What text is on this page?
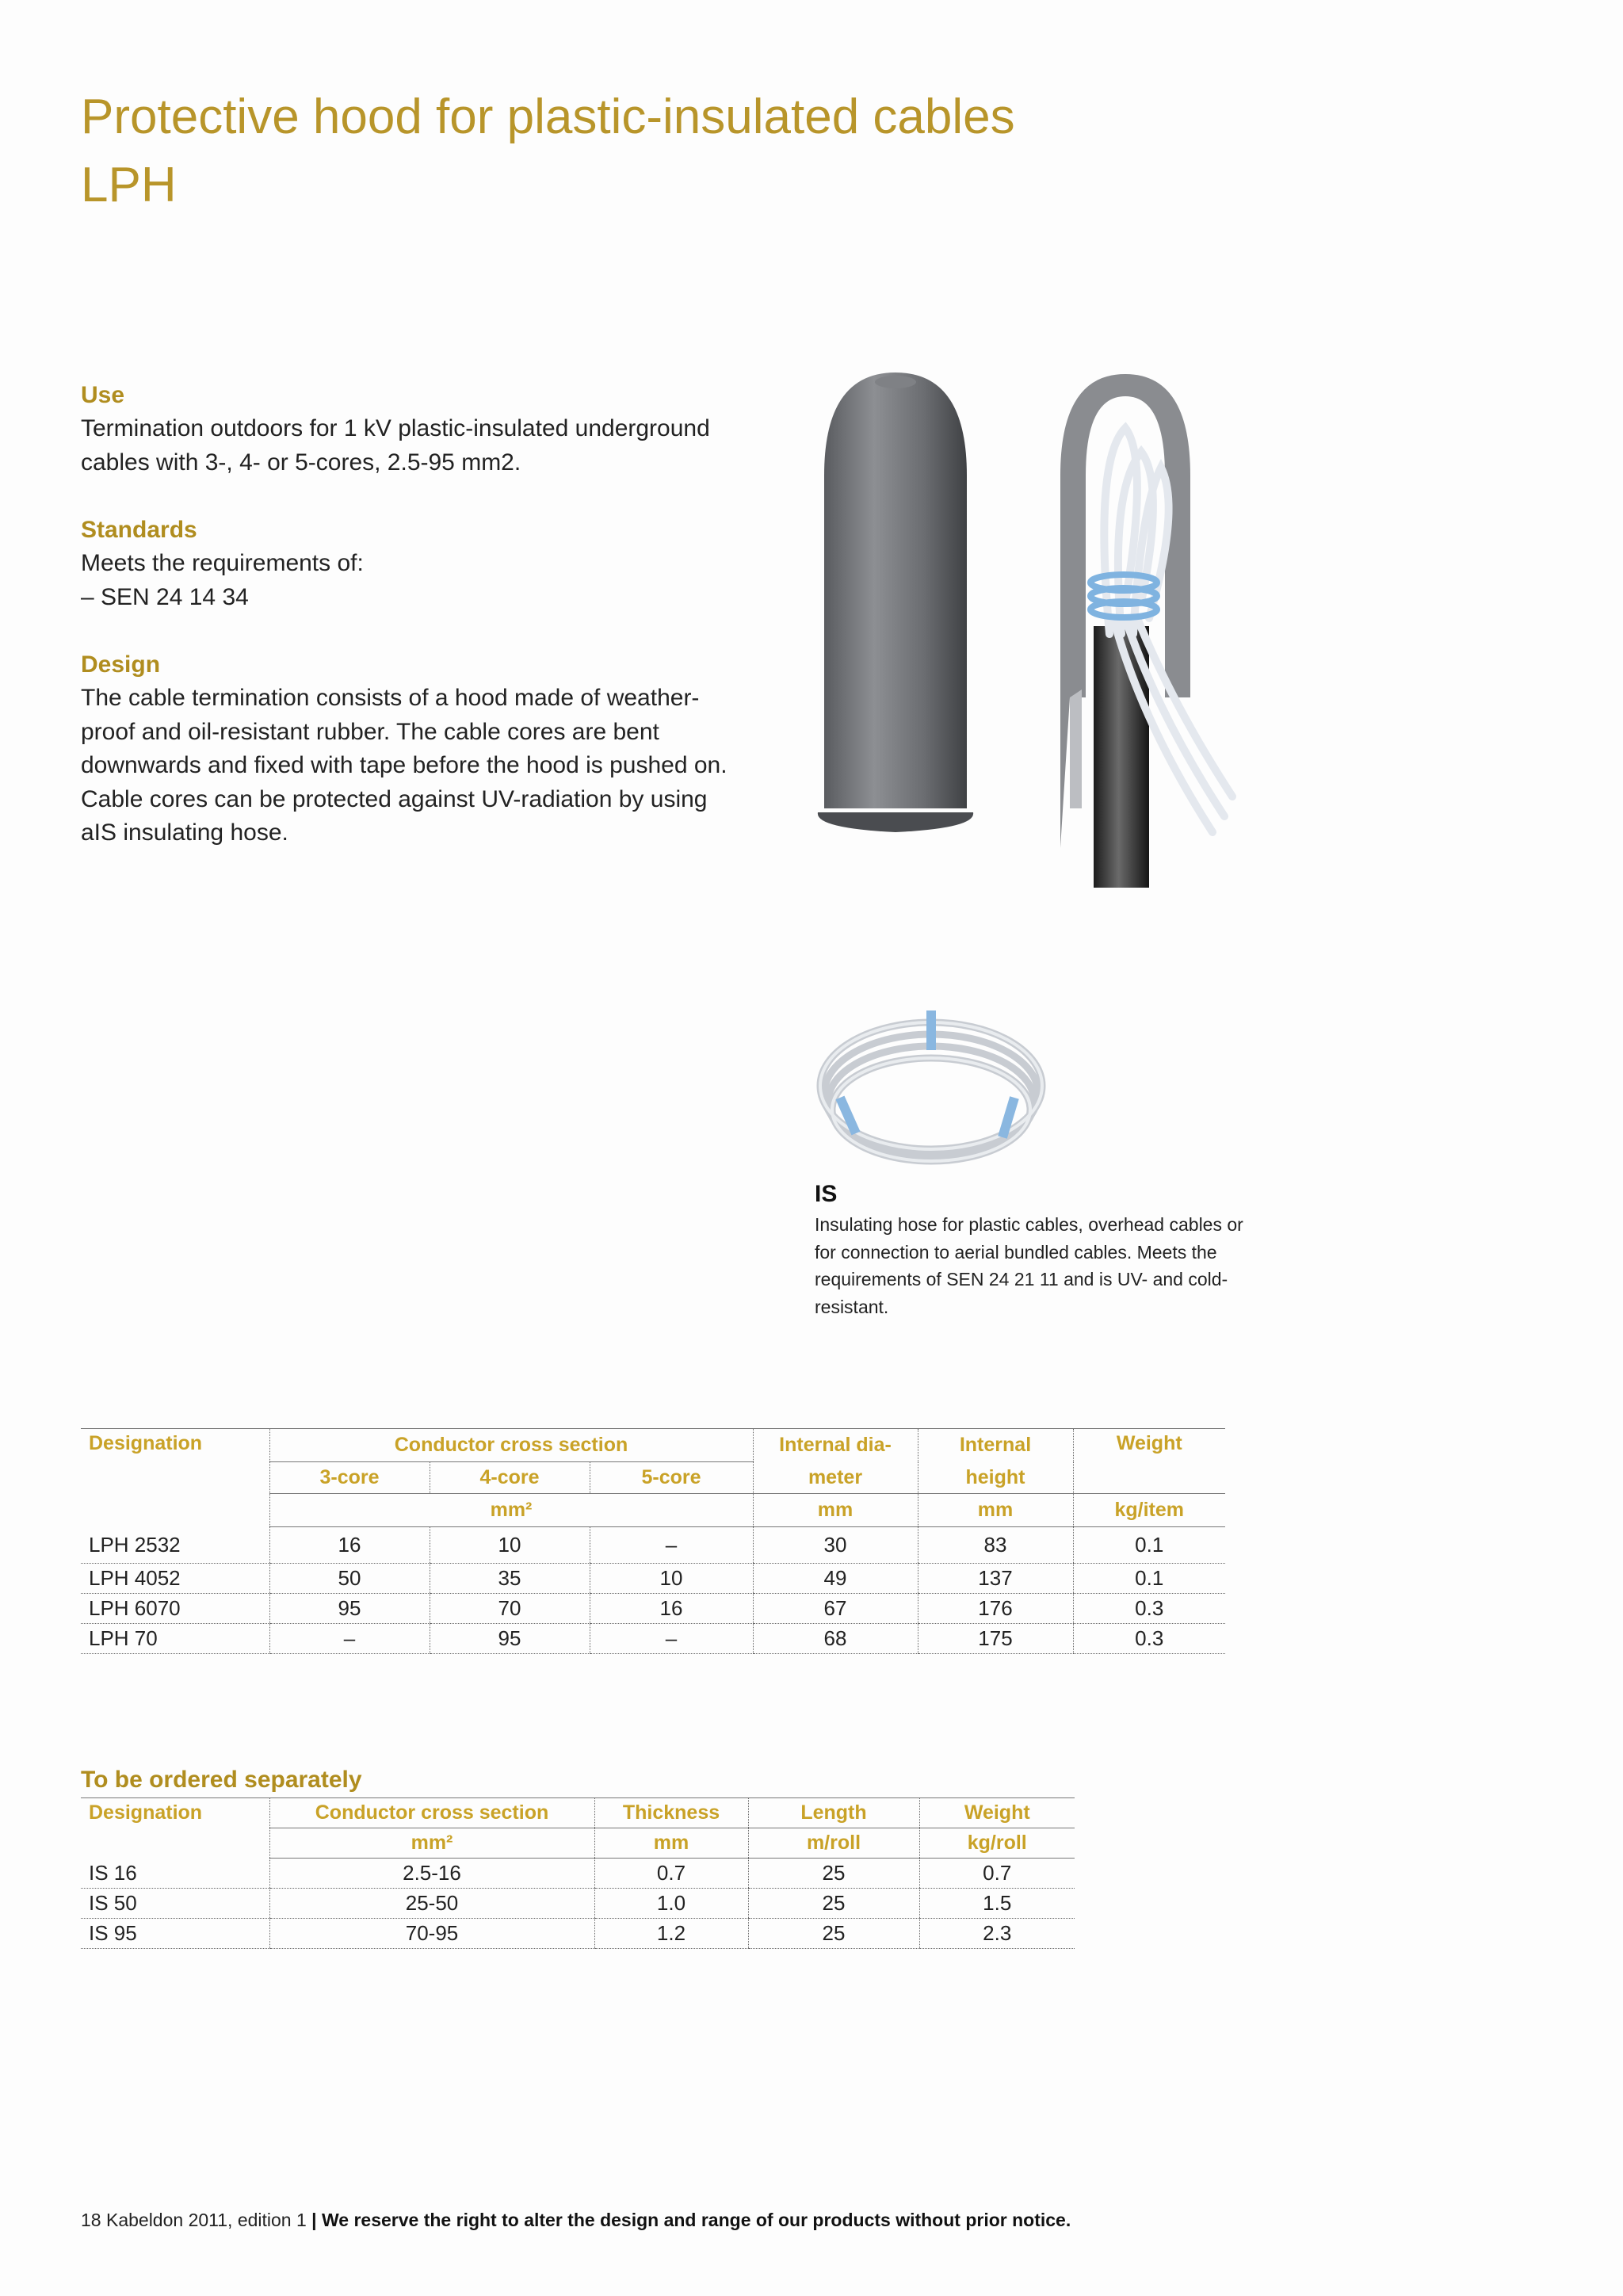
Protective hood for plastic-insulated cables
LPH
Use
Termination outdoors for 1 kV plastic-insulated underground cables with 3-, 4- or 5-cores, 2.5-95 mm2.
Standards
Meets the requirements of:
– SEN 24 14 34
Design
The cable termination consists of a hood made of weather-proof and oil-resistant rubber. The cable cores are bent downwards and fixed with tape before the hood is pushed on. Cable cores can be protected against UV-radiation by using aIS insulating hose.
IS
Insulating hose for plastic cables, overhead cables or for connection to aerial bundled cables. Meets the requirements of SEN 24 21 11 and is UV- and cold-resistant.
Designation	Conductor cross section			Internal dia-	Internal	Weight
	3-core	4-core	5-core	meter	height	
	mm²			mm	mm	kg/item
LPH 2532	16	10	–	30	83	0.1
LPH 4052	50	35	10	49	137	0.1
LPH 6070	95	70	16	67	176	0.3
LPH 70	–	95	–	68	175	0.3
To be ordered separately
Designation	Conductor cross section	Thickness	Length	Weight
	mm²	mm	m/roll	kg/roll
IS 16	2.5-16	0.7	25	0.7
IS 50	25-50	1.0	25	1.5
IS 95	70-95	1.2	25	2.3
18 Kabeldon 2011, edition 1 | We reserve the right to alter the design and range of our products without prior notice.
